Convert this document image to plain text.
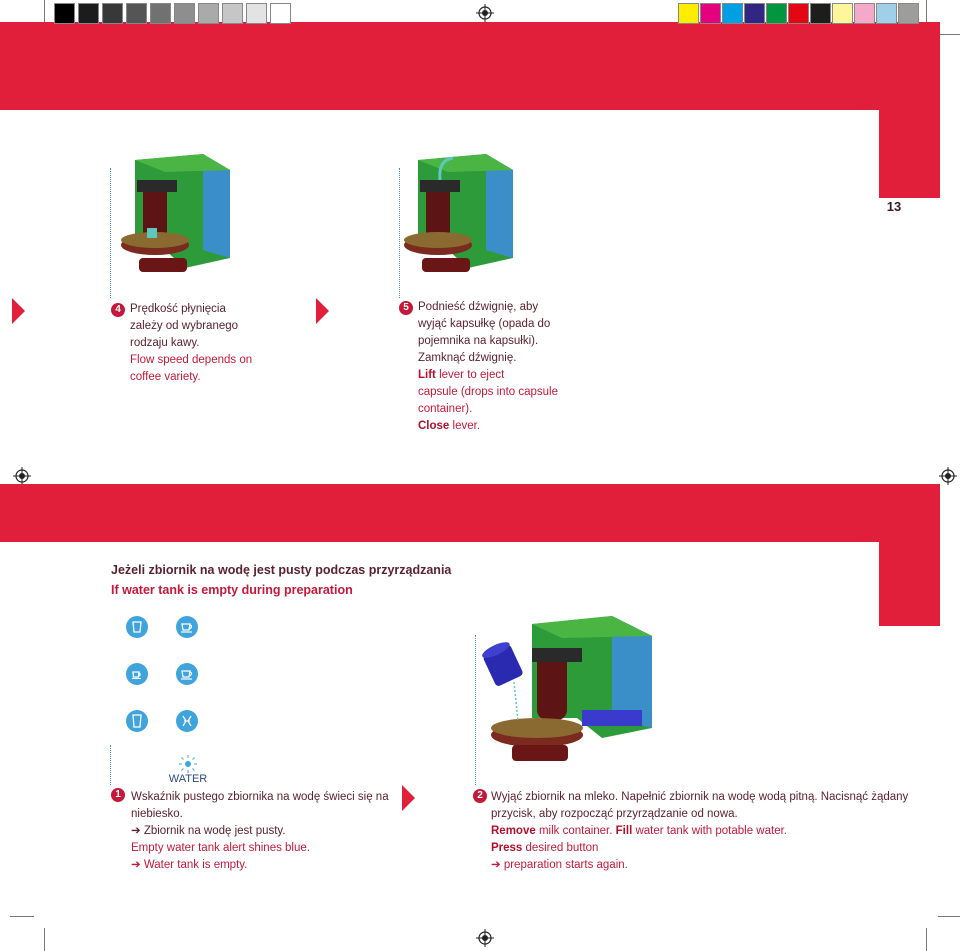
13
4 Prędkość płynięcia
zależy od wybranego
rodzaju kawy.
Flow speed depends on
coffee variety.
5 Podnieść dźwignię, aby
wyjąć kapsułkę (opada do
pojemnika na kapsułki).
Zamknąć dźwignię.
Lift lever to eject
capsule (drops into capsule
container).
Close lever.
Jeżeli zbiornik na wodę jest pusty podczas przyrządzania
If water tank is empty during preparation
WATER
1 Wskaźnik pustego zbiornika na wodę świeci się na
niebiesko.
➔ Zbiornik na wodę jest pusty.
Empty water tank alert shines blue.
➔ Water tank is empty.
2 Wyjąć zbiornik na mleko. Napełnić zbiornik na wodę wodą pitną. Nacisnąć żądany
przycisk, aby rozpocząć przyrządzanie od nowa.
Remove milk container. Fill water tank with potable water.
Press desired button
➔ preparation starts again.
